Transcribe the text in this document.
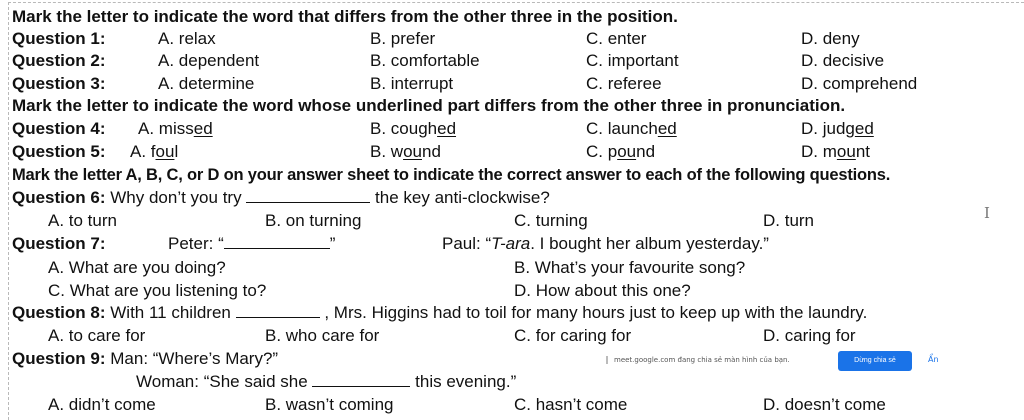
Mark the letter to indicate the word that differs from the other three in the position.
Question 1:	A. relax	B. prefer	C. enter	D. deny
Question 2:	A. dependent	B. comfortable	C. important	D. decisive
Question 3:	A. determine	B. interrupt	C. referee	D. comprehend
Mark the letter to indicate the word whose underlined part differs from the other three in pronunciation.
Question 4: A. missed	B. coughed	C. launched	D. judged
Question 5: A. foul	B. wound	C. pound	D. mount
Mark the letter A, B, C, or D on your answer sheet to indicate the correct answer to each of the following questions.
Question 6: Why don’t you try	the key anti-clockwise?
A. to turn	B. on turning	C. turning	D. turn	I
Question 7:	Peter: “	”	Paul: “T-ara. I bought her album yesterday.”
A. What are you doing?	B. What’s your favourite song?
C. What are you listening to?	D. How about this one?
Question 8: With 11 children	, Mrs. Higgins had to toil for many hours just to keep up with the laundry.
A. to care for	B. who care for	C. for caring for	D. caring for
Question 9: Man: “Where’s Mary?”
Woman: “She said she	this evening.”
A. didn’t come	B. wasn’t coming	C. hasn’t come	D. doesn’t come
meet.google.com đang chia sẻ màn hình của bạn.	Dừng chia sẻ	Ẩn
